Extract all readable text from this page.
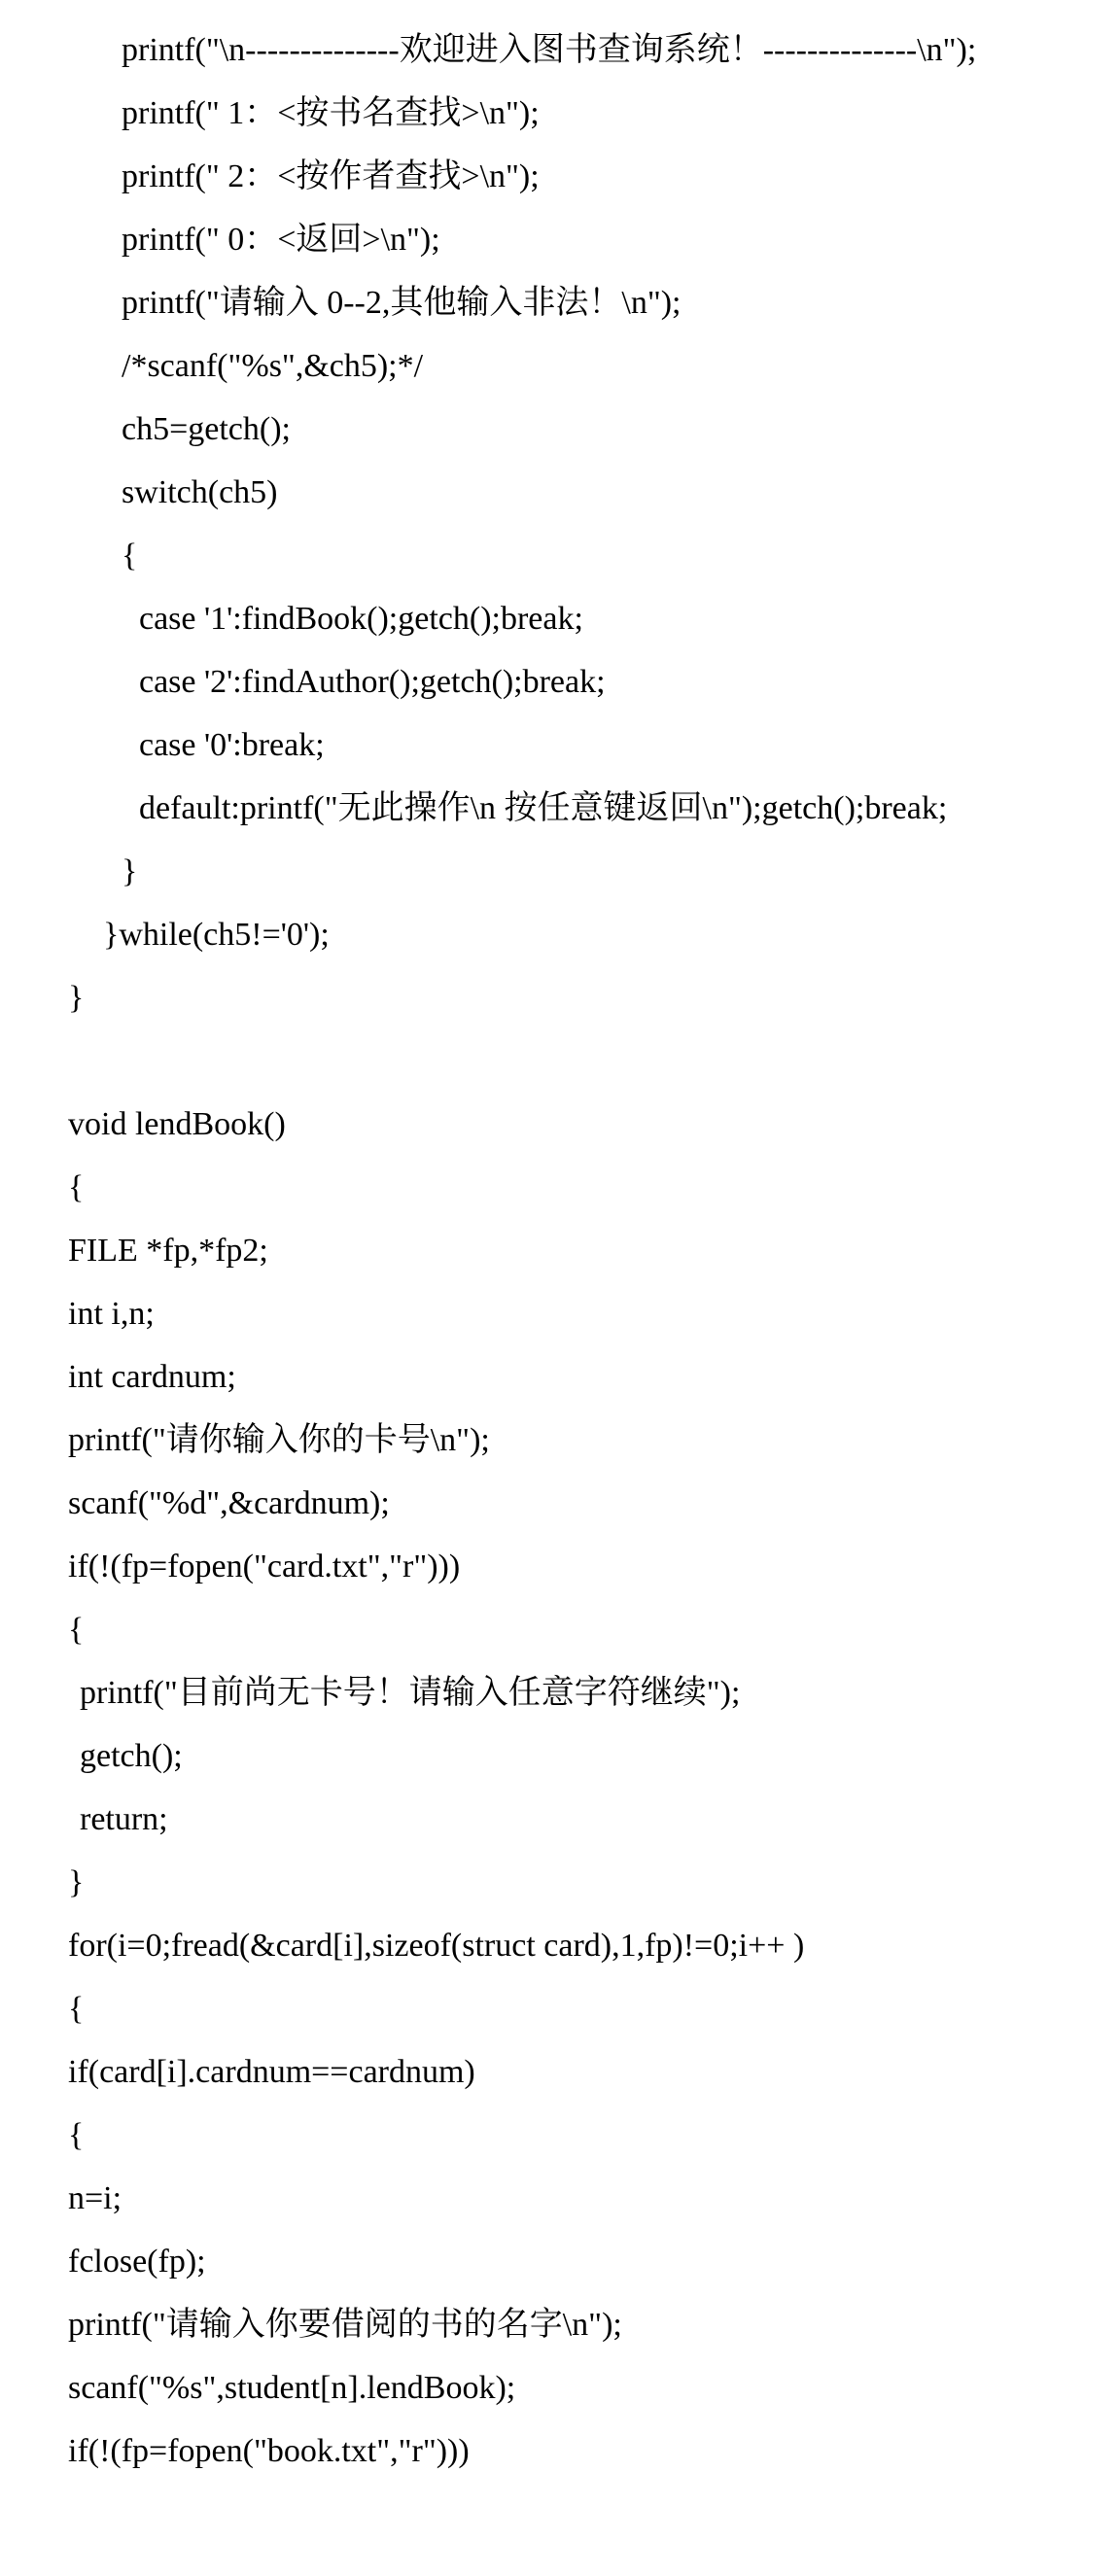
printf("\n--------------欢迎进入图书查询系统！--------------\n");
printf(" 1：<按书名查找>\n");
printf(" 2：<按作者查找>\n");
printf(" 0：<返回>\n");
printf("请输入 0--2,其他输入非法！\n");
/*scanf("%s",&ch5);*/
ch5=getch();
switch(ch5)
{
case '1':findBook();getch();break;
case '2':findAuthor();getch();break;
case '0':break;
default:printf("无此操作\n 按任意键返回\n");getch();break;
}
}while(ch5!='0');
}
void lendBook()
{
FILE *fp,*fp2;
int i,n;
int cardnum;
printf("请你输入你的卡号\n");
scanf("%d",&cardnum);
if(!(fp=fopen("card.txt","r")))
{
printf("目前尚无卡号！请输入任意字符继续");
getch();
return;
}
for(i=0;fread(&card[i],sizeof(struct card),1,fp)!=0;i++ )
{
if(card[i].cardnum==cardnum)
{
n=i;
fclose(fp);
printf("请输入你要借阅的书的名字\n");
scanf("%s",student[n].lendBook);
if(!(fp=fopen("book.txt","r")))
